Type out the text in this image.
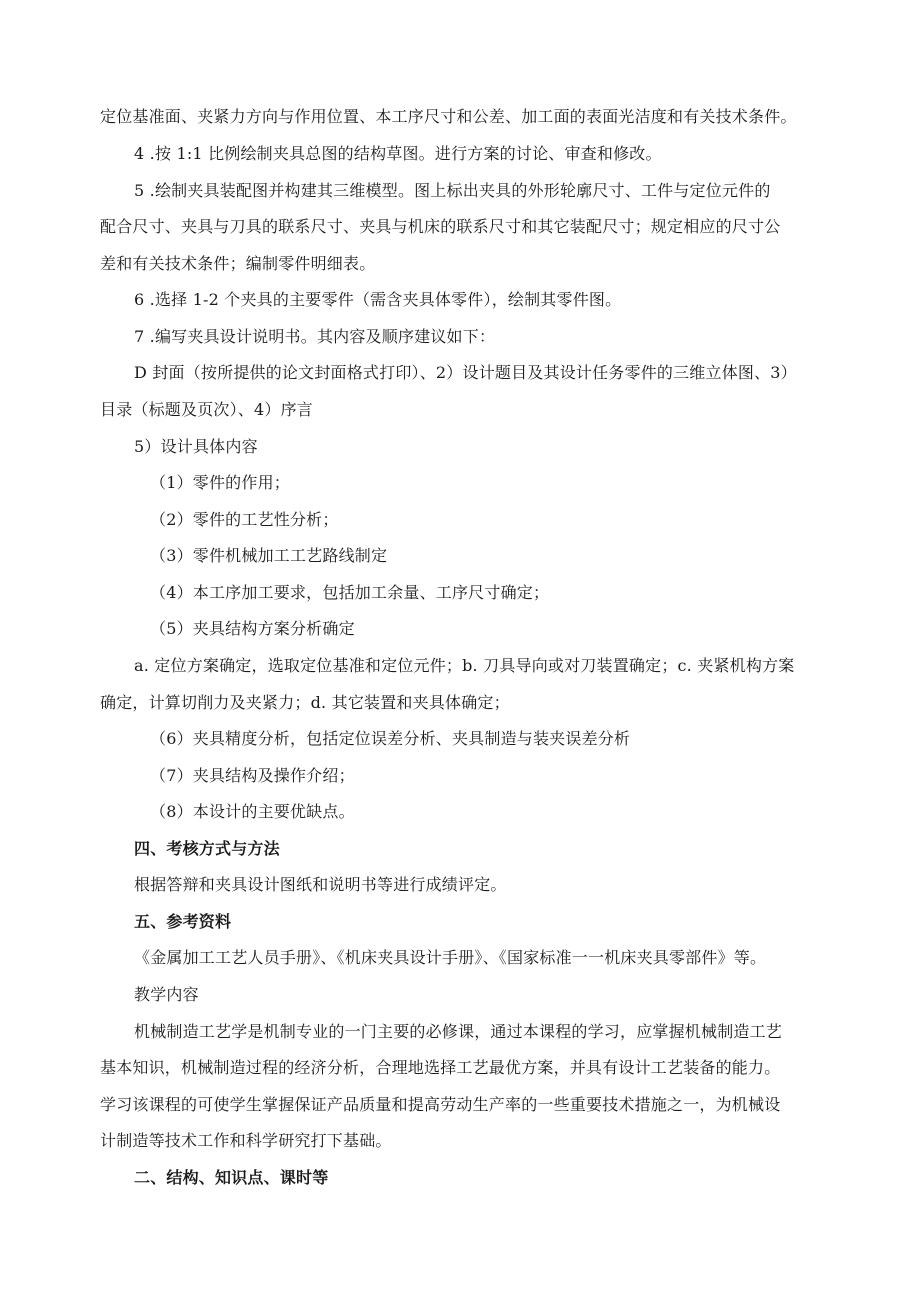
定位基准面、夹紧力方向与作用位置、本工序尺寸和公差、加工面的表面光洁度和有关技术条件。
4 .按 1:1 比例绘制夹具总图的结构草图。进行方案的讨论、审查和修改。
5 .绘制夹具装配图并构建其三维模型。图上标出夹具的外形轮廓尺寸、工件与定位元件的
配合尺寸、夹具与刀具的联系尺寸、夹具与机床的联系尺寸和其它装配尺寸；规定相应的尺寸公
差和有关技术条件；编制零件明细表。
6 .选择 1-2 个夹具的主要零件（需含夹具体零件），绘制其零件图。
7 .编写夹具设计说明书。其内容及顺序建议如下：
D 封面（按所提供的论文封面格式打印）、2）设计题目及其设计任务零件的三维立体图、3）
目录（标题及页次）、4）序言
5）设计具体内容
（1）零件的作用；
（2）零件的工艺性分析；
（3）零件机械加工工艺路线制定
（4）本工序加工要求，包括加工余量、工序尺寸确定；
（5）夹具结构方案分析确定
a. 定位方案确定，选取定位基准和定位元件；b. 刀具导向或对刀装置确定；c. 夹紧机构方案
确定，计算切削力及夹紧力；d. 其它装置和夹具体确定；
（6）夹具精度分析，包括定位误差分析、夹具制造与装夹误差分析
（7）夹具结构及操作介绍；
（8）本设计的主要优缺点。
四、考核方式与方法
根据答辩和夹具设计图纸和说明书等进行成绩评定。
五、参考资料
《金属加工工艺人员手册》、《机床夹具设计手册》、《国家标准一一机床夹具零部件》等。
教学内容
机械制造工艺学是机制专业的一门主要的必修课，通过本课程的学习，应掌握机械制造工艺
基本知识，机械制造过程的经济分析，合理地选择工艺最优方案，并具有设计工艺装备的能力。
学习该课程的可使学生掌握保证产品质量和提高劳动生产率的一些重要技术措施之一，为机械设
计制造等技术工作和科学研究打下基础。
二、结构、知识点、课时等
